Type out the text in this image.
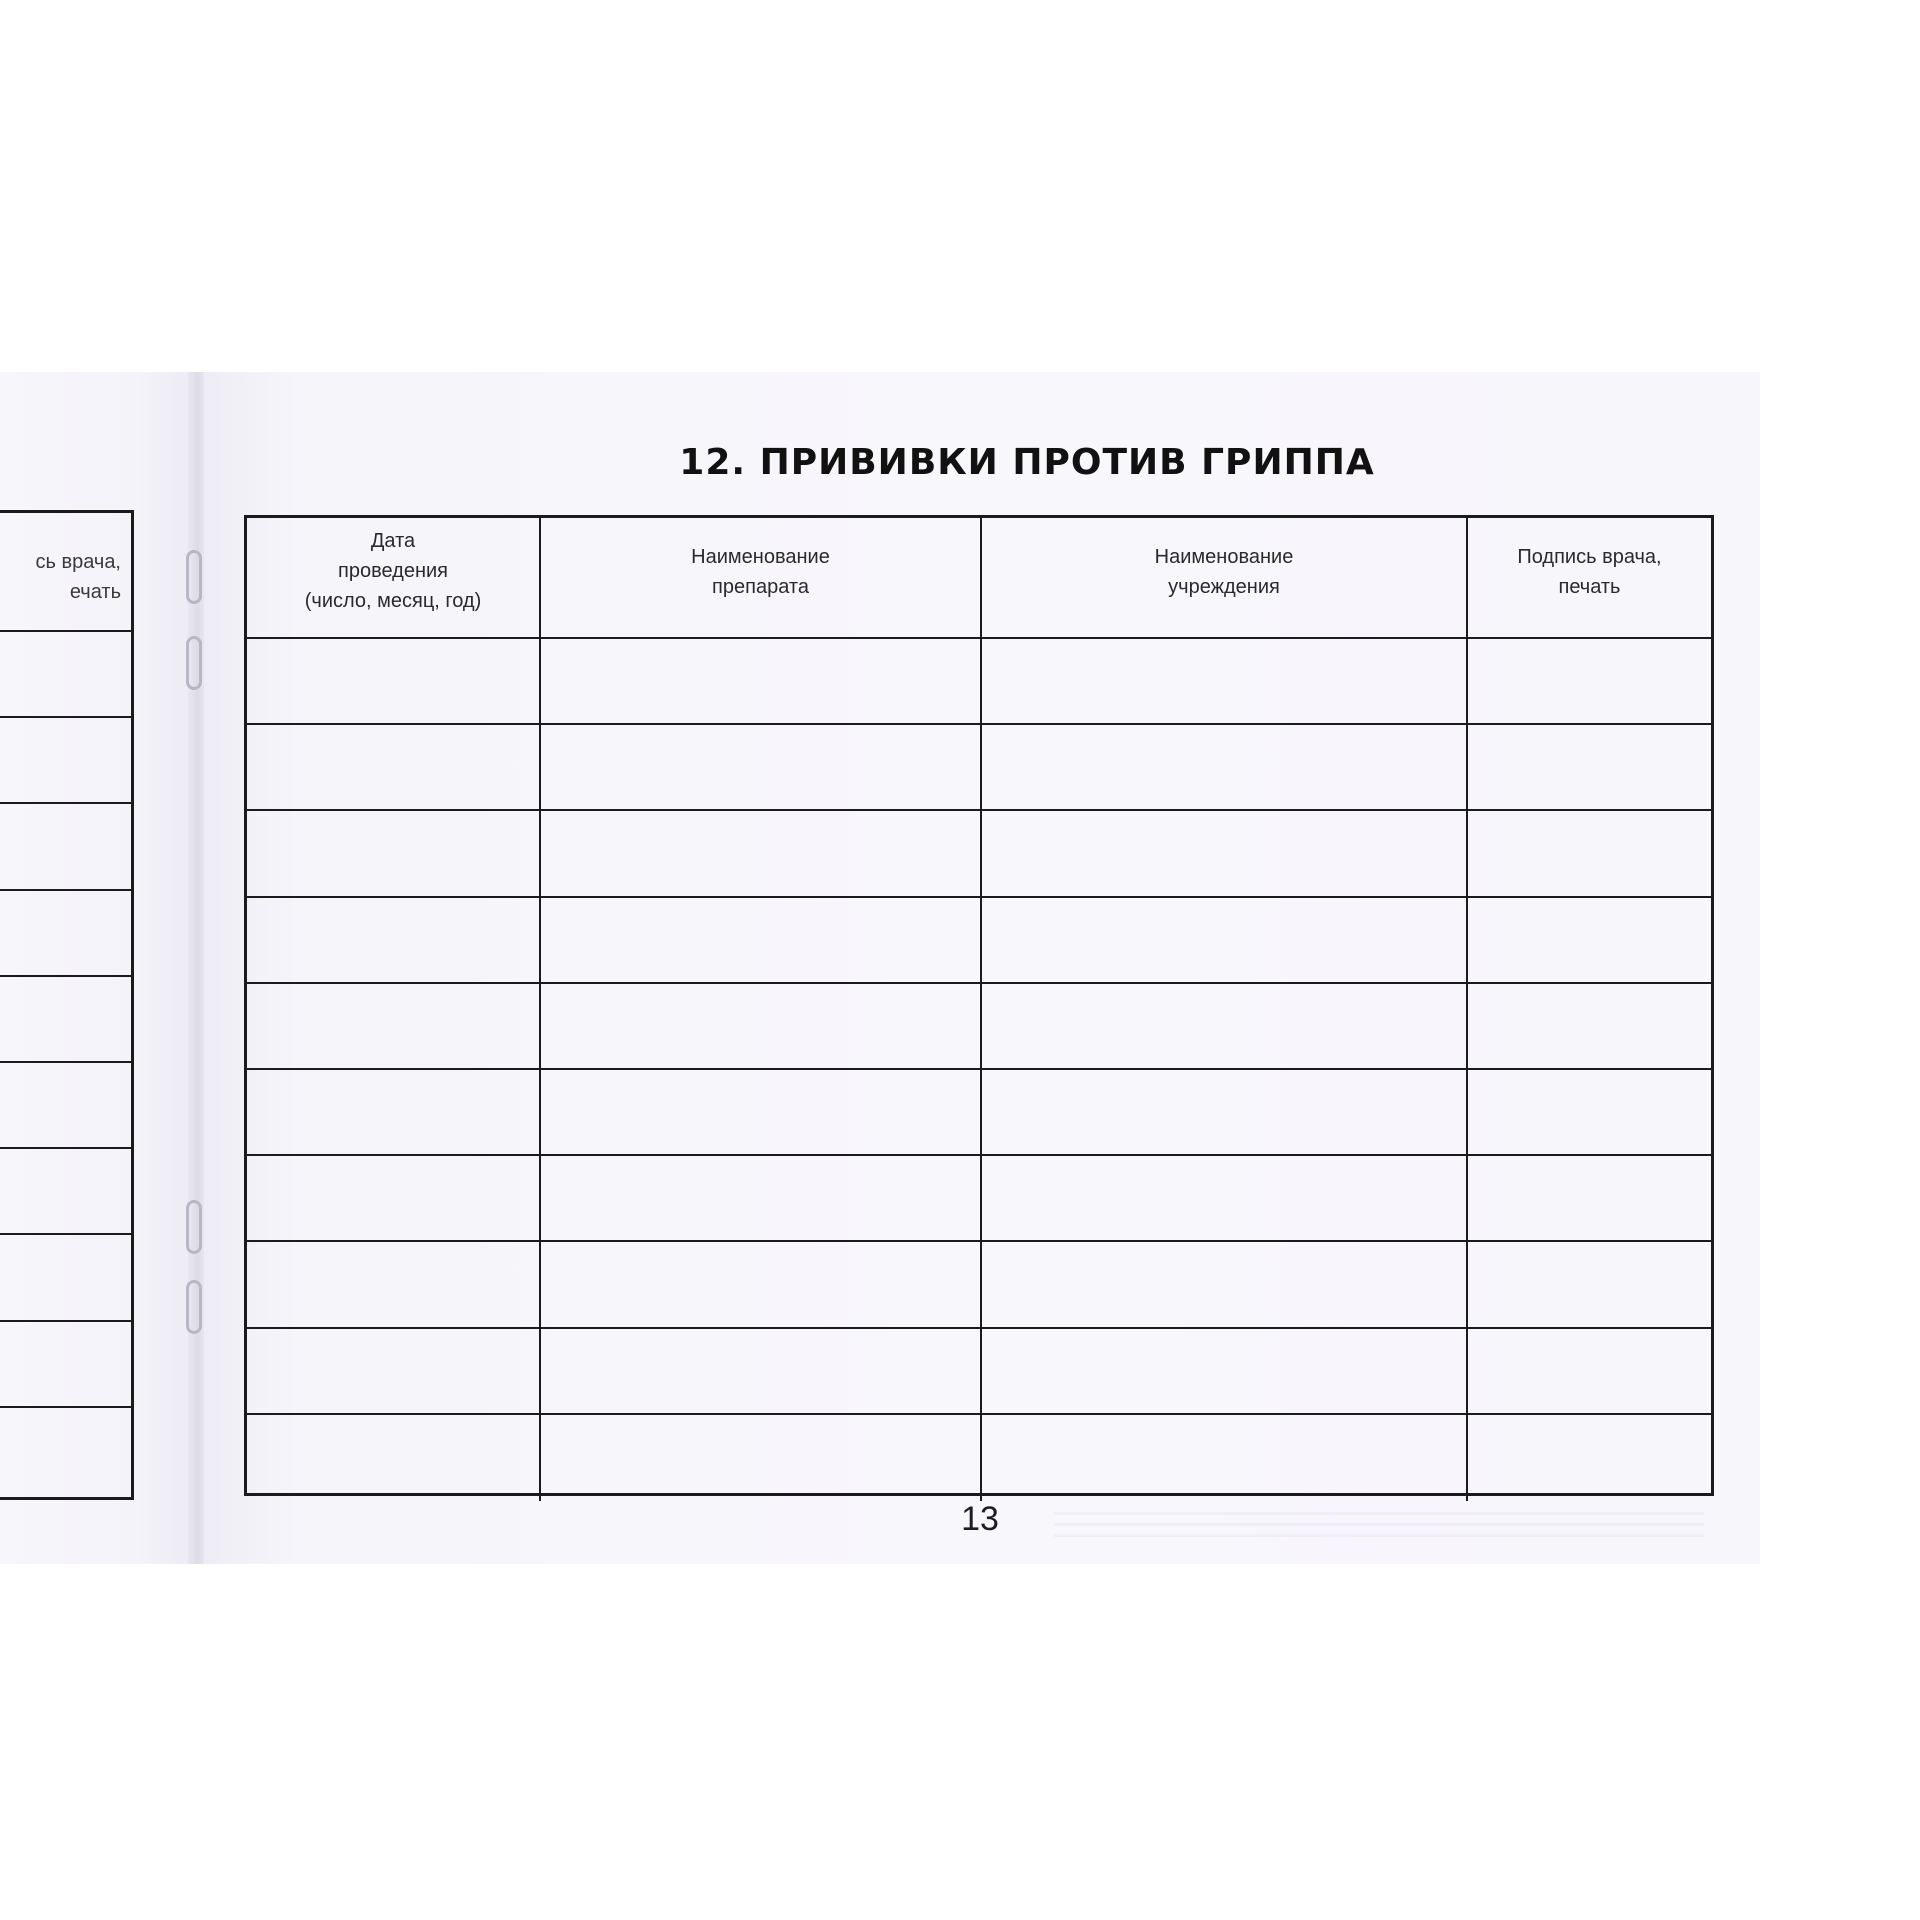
сь врача,
ечать
12. ПРИВИВКИ ПРОТИВ ГРИППА
Дата
проведения
(число, месяц, год)
Наименование
препарата
Наименование
учреждения
Подпись врача,
печать
13
